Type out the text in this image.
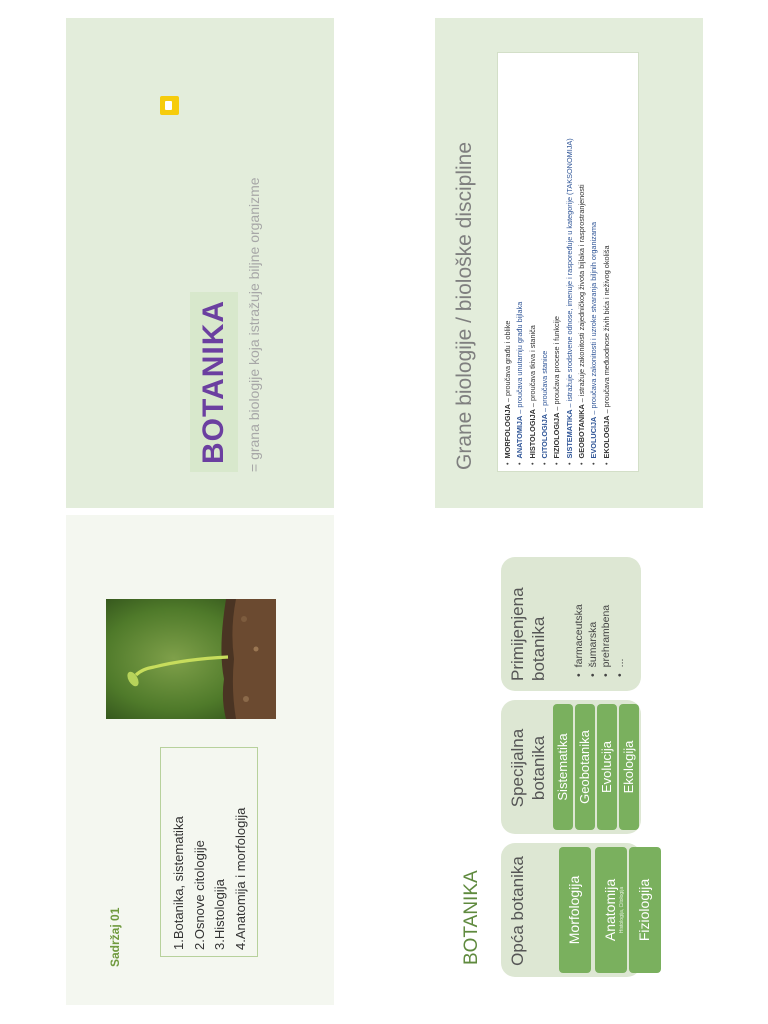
BOTANIKA	= grana biologije koja istražuje biljne organizme	Grane biologije / biološke discipline	• MORFOLOGIJA – proučava građu i oblike
• ANATOMIJA – proučava unutarnju građu bijlaka
• HISTOLOGIJA – proučava tkiva i staniča
• CITOLOGIJA – proučava stanice
• FIZIOLOGIJA – proučava procese i funkcije
• SISTEMATIKA – istražuje srodstvene odnose, imenuje i raspoređuje u kategorije (TAKSONOMIJA)
• GEOBOTANIKA – istražuje zakonitosti zajedničkog života bijlaka i rasprostranjenosti
• EVOLUCIJA – proučava zakonitosti i uzroke stvaranja biljnih organizama
• EKOLOGIJA – proučava međuodnose živih bića i neživog okoliša
Sadržaj 01	1.Botanika, sistematika 2.Osnove citologije 3.Histologija 4.Anatomija i morfologija	BOTANIKA Opća botanika	Morfologija	Anatomija Histologija, Citologija Fiziologija
Specijalna botanika Sistematika Geobotanika Evolucija Ekologija
Primijenjena botanika • farmaceutska • šumarska • prehrambena • ...
